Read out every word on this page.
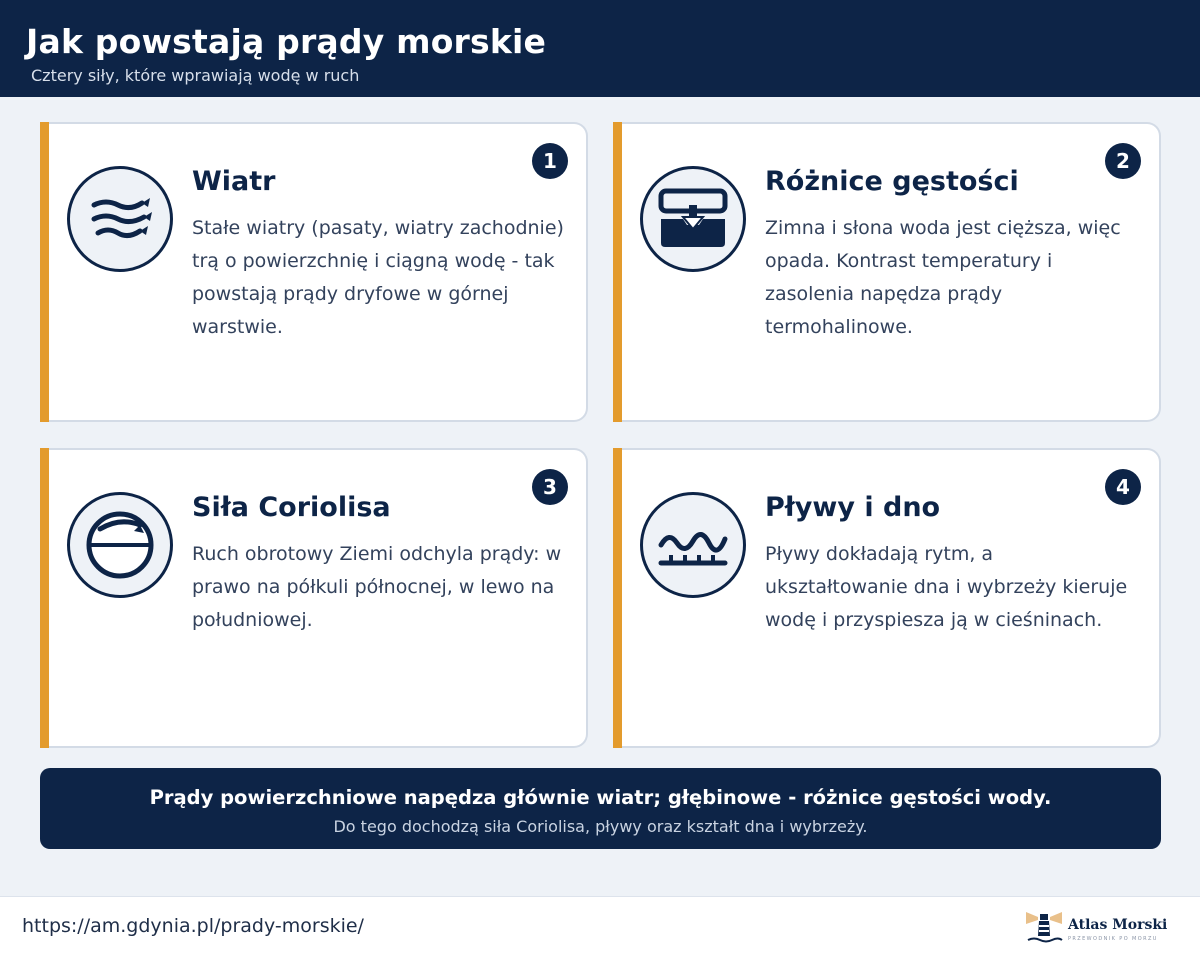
Jak powstają prądy morskie
Cztery siły, które wprawiają wodę w ruch
1
Wiatr
Stałe wiatry (pasaty, wiatry zachodnie) trą o powierzchnię i ciągną wodę - tak powstają prądy dryfowe w górnej warstwie.
2
Różnice gęstości
Zimna i słona woda jest cięższa, więc opada. Kontrast temperatury i zasolenia napędza prądy termohalinowe.
3
Siła Coriolisa
Ruch obrotowy Ziemi odchyla prądy: w prawo na półkuli północnej, w lewo na południowej.
4
Pływy i dno
Pływy dokładają rytm, a ukształtowanie dna i wybrzeży kieruje wodę i przyspiesza ją w cieśninach.
Prądy powierzchniowe napędza głównie wiatr; głębinowe - różnice gęstości wody.
Do tego dochodzą siła Coriolisa, pływy oraz kształt dna i wybrzeży.
https://am.gdynia.pl/prady-morskie/	Atlas Morski
PRZEWODNIK PO MORZU
